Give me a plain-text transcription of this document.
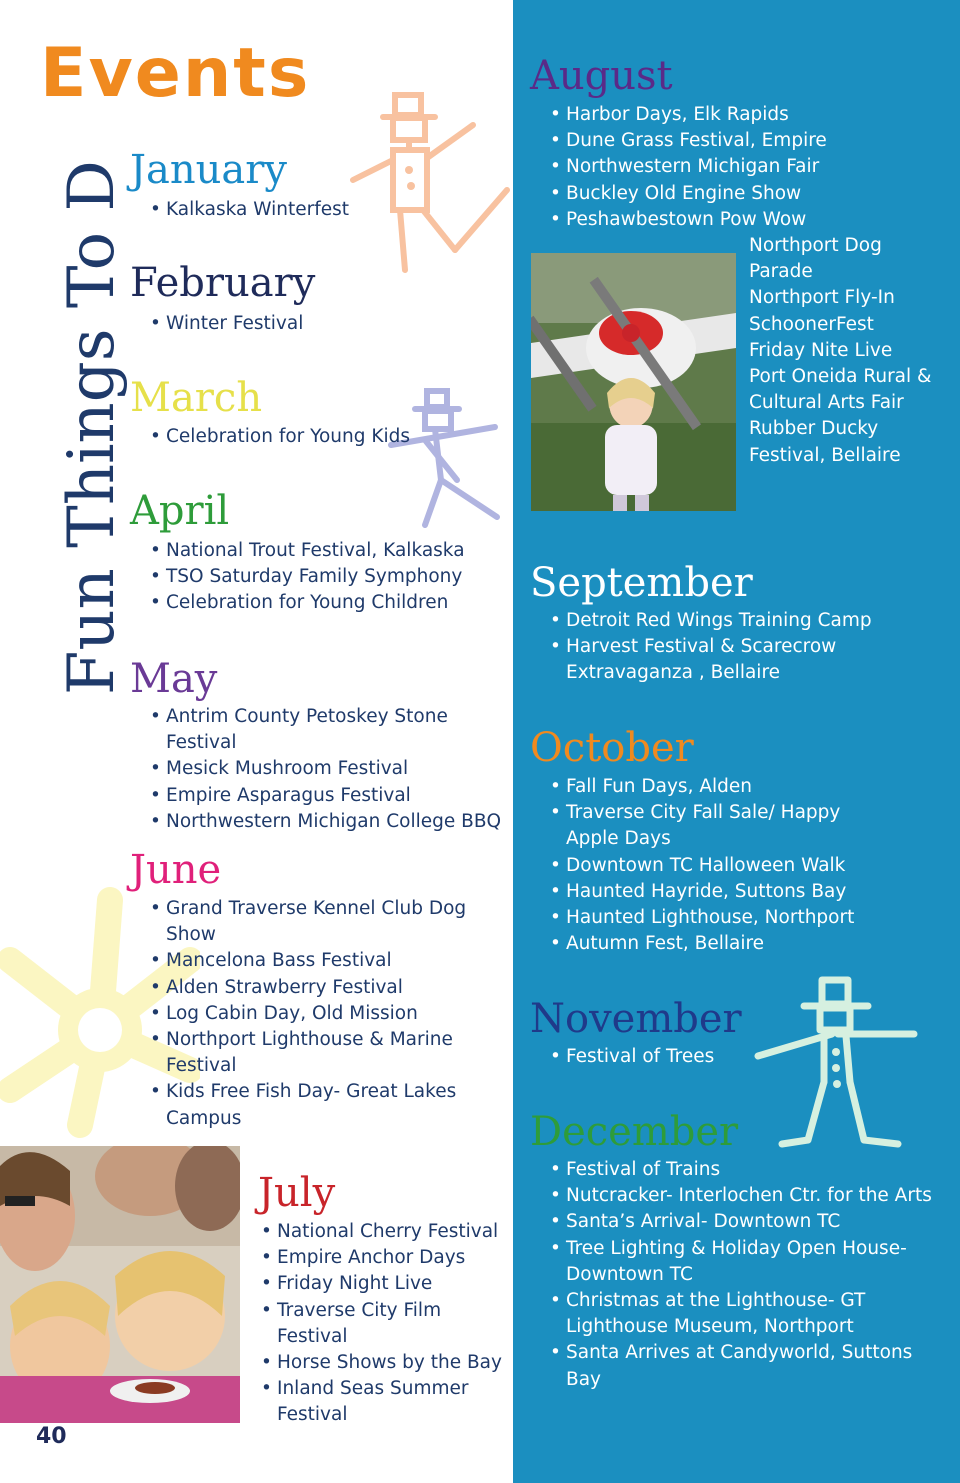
Events
Fun Things To Do January
• Kalkaska Winterfest
February
• Winter Festival
March
• Celebration for Young Kids
April
• National Trout Festival, Kalkaska
• TSO Saturday Family Symphony
• Celebration for Young Children
May
• Antrim County Petoskey Stone Festival
• Mesick Mushroom Festival
• Empire Asparagus Festival
• Northwestern Michigan College BBQ
June
• Grand Traverse Kennel Club Dog Show
• Mancelona Bass Festival
• Alden Strawberry Festival
• Log Cabin Day, Old Mission
• Northport Lighthouse & Marine Festival
• Kids Free Fish Day- Great Lakes Campus
July
• National Cherry Festival
• Empire Anchor Days
• Friday Night Live
• Traverse City Film Festival
• Horse Shows by the Bay
• Inland Seas Summer Festival
40
August
• Harbor Days, Elk Rapids
• Dune Grass Festival, Empire
• Northwestern Michigan Fair
• Buckley Old Engine Show
• Peshawbestown Pow Wow
Northport Dog Parade
Northport Fly-In
SchoonerFest
Friday Nite Live
Port Oneida Rural & Cultural Arts Fair
Rubber Ducky Festival, Bellaire
September
• Detroit Red Wings Training Camp
• Harvest Festival & Scarecrow Extravaganza , Bellaire
October
• Fall Fun Days, Alden
• Traverse City Fall Sale/ Happy Apple Days
• Downtown TC Halloween Walk
• Haunted Hayride, Suttons Bay
• Haunted Lighthouse, Northport
• Autumn Fest, Bellaire
November
• Festival of Trees
December
• Festival of Trains
• Nutcracker- Interlochen Ctr. for the Arts
• Santa’s Arrival- Downtown TC
• Tree Lighting & Holiday Open House- Downtown TC
• Christmas at the Lighthouse- GT Lighthouse Museum, Northport
• Santa Arrives at Candyworld, Suttons Bay
